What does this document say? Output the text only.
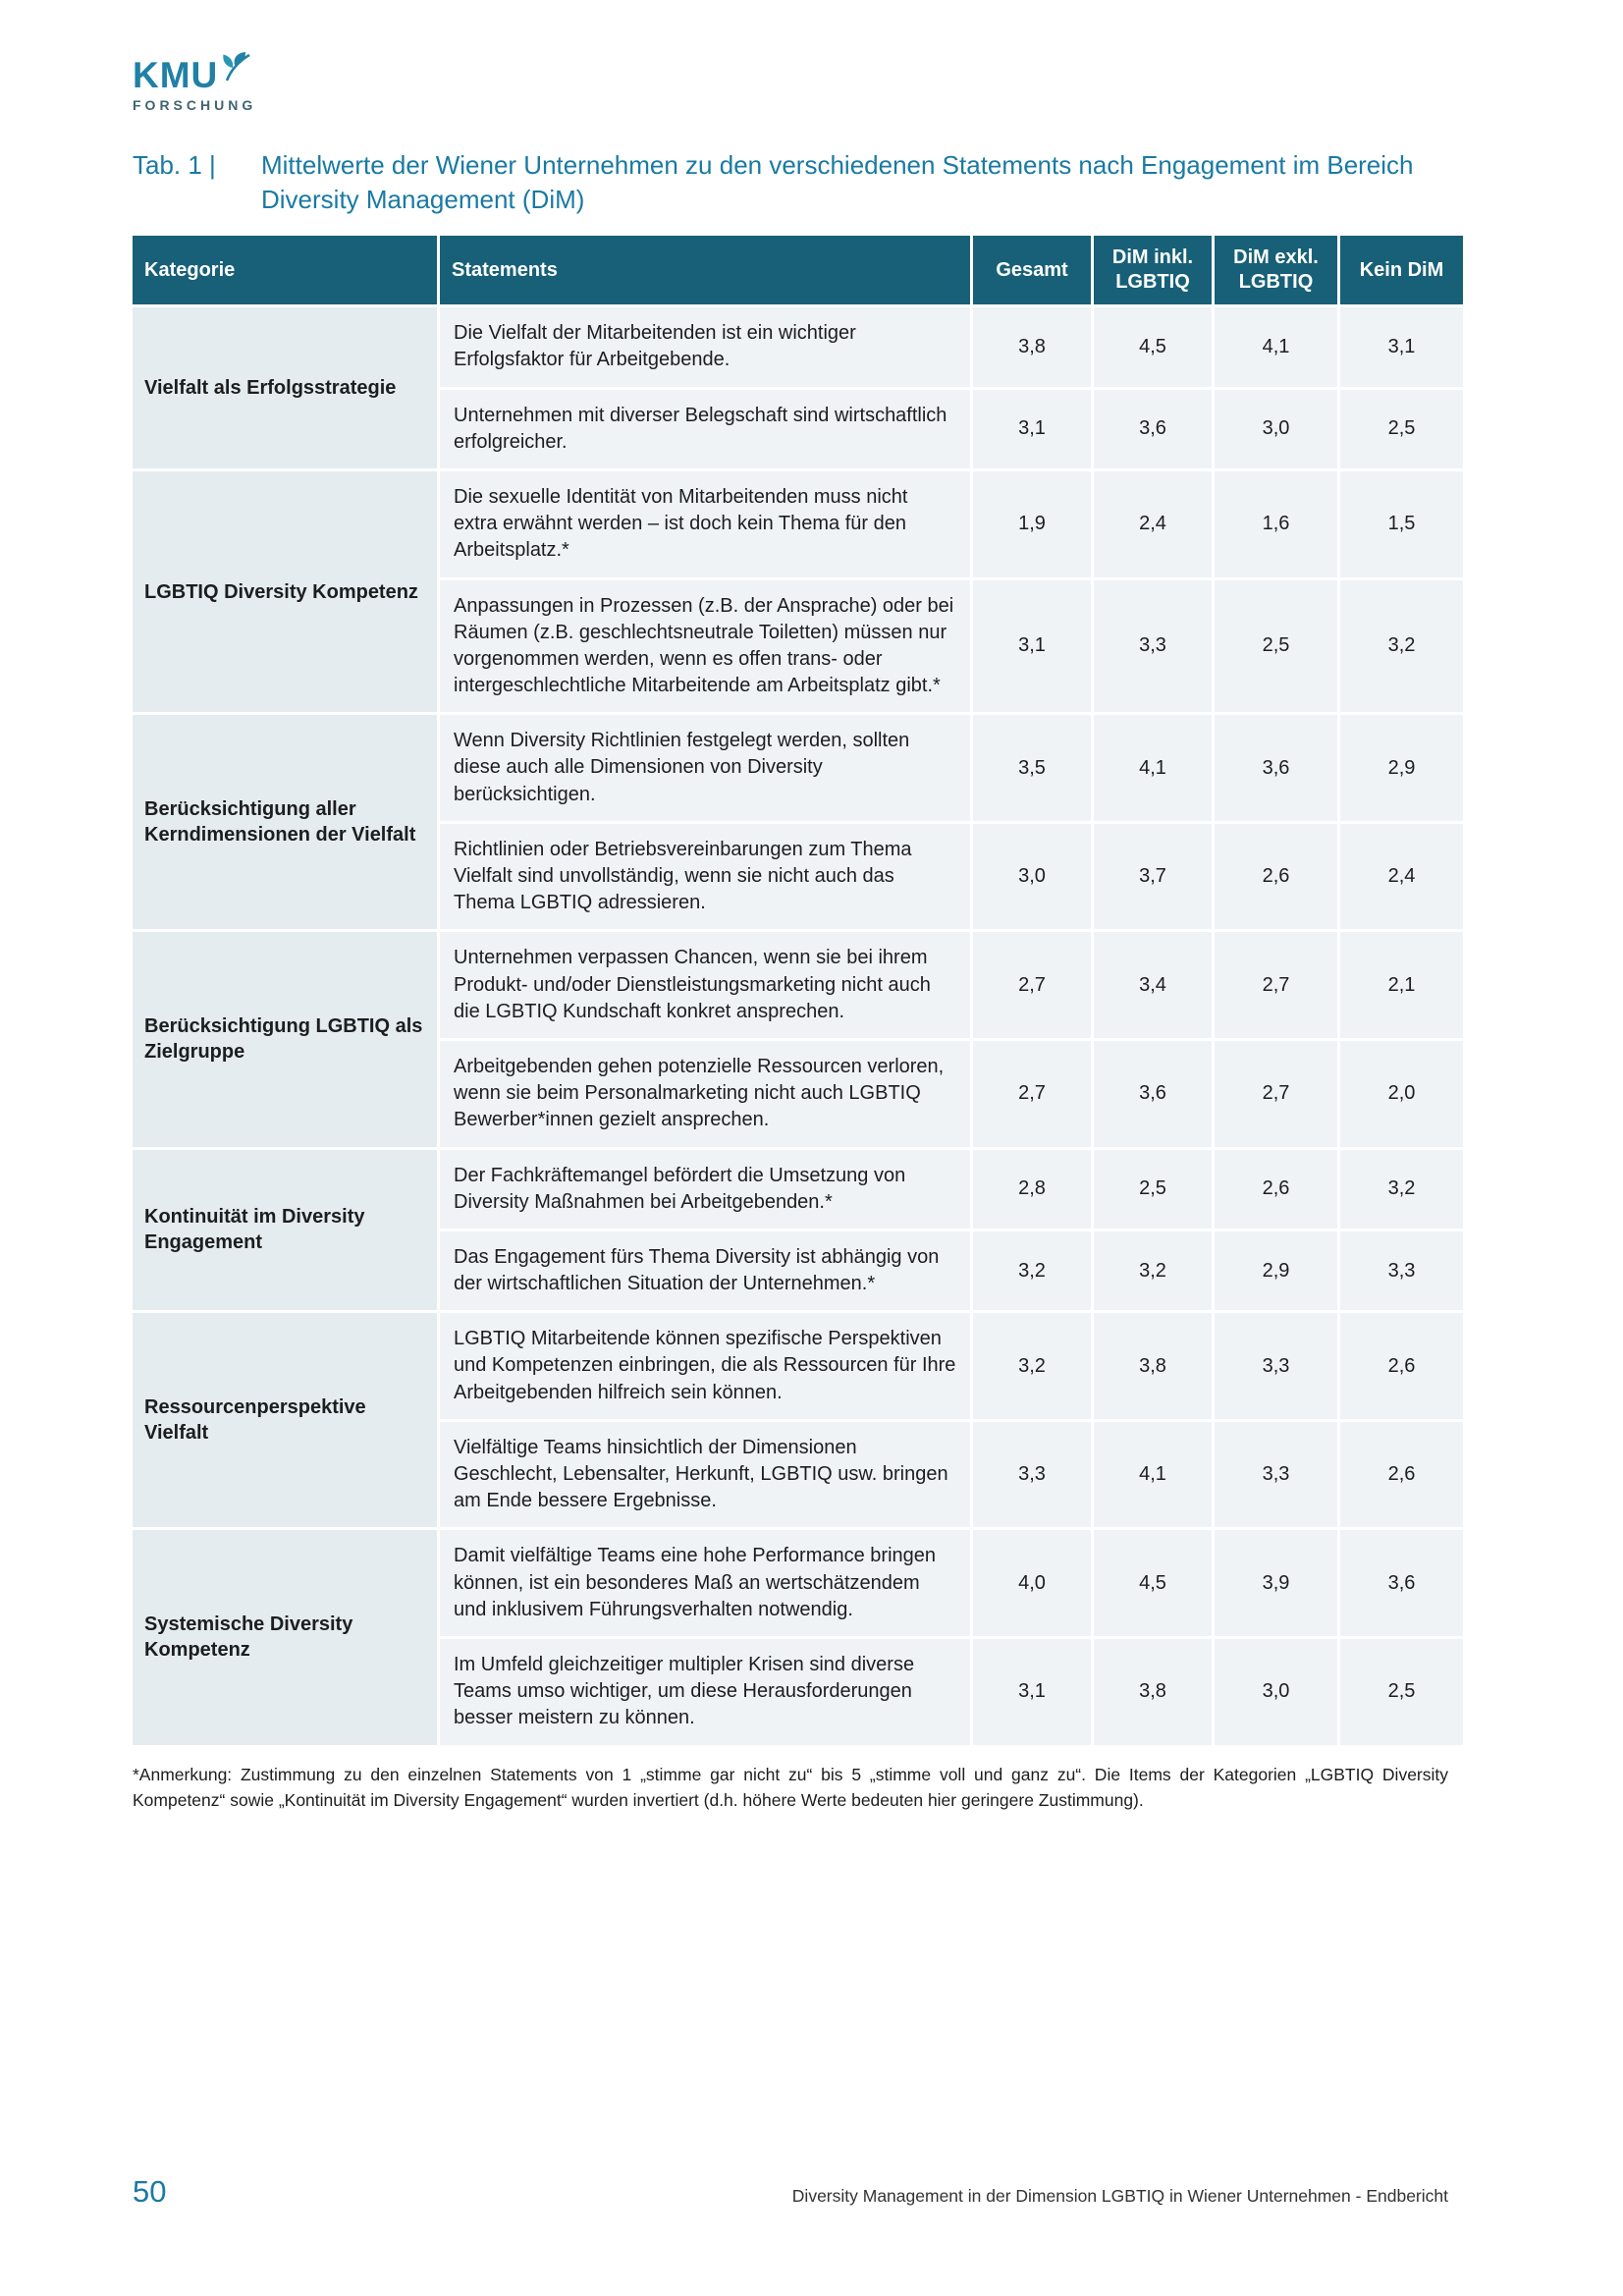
KMU
FORSCHUNG
Tab. 1 |	Mittelwerte der Wiener Unternehmen zu den verschiedenen Statements nach Engagement im Bereich Diversity Management (DiM)
Kategorie	Statements	Gesamt	DiM inkl. LGBTIQ	DiM exkl. LGBTIQ	Kein DiM
Vielfalt als Erfolgsstrategie	Die Vielfalt der Mitarbeitenden ist ein wichtiger Erfolgsfaktor für Arbeitgebende.	3,8	4,5	4,1	3,1
	Unternehmen mit diverser Belegschaft sind wirtschaftlich erfolgreicher.	3,1	3,6	3,0	2,5
LGBTIQ Diversity Kompetenz	Die sexuelle Identität von Mitarbeitenden muss nicht extra erwähnt werden – ist doch kein Thema für den Arbeitsplatz.*	1,9	2,4	1,6	1,5
	Anpassungen in Prozessen (z.B. der Ansprache) oder bei Räumen (z.B. geschlechtsneutrale Toiletten) müssen nur vorgenommen werden, wenn es offen trans- oder intergeschlechtliche Mitarbeitende am Arbeitsplatz gibt.*	3,1	3,3	2,5	3,2
Berücksichtigung aller Kerndimensionen der Vielfalt	Wenn Diversity Richtlinien festgelegt werden, sollten diese auch alle Dimensionen von Diversity berücksichtigen.	3,5	4,1	3,6	2,9
	Richtlinien oder Betriebsvereinbarungen zum Thema Vielfalt sind unvollständig, wenn sie nicht auch das Thema LGBTIQ adressieren.	3,0	3,7	2,6	2,4
Berücksichtigung LGBTIQ als Zielgruppe	Unternehmen verpassen Chancen, wenn sie bei ihrem Produkt- und/oder Dienstleistungsmarketing nicht auch die LGBTIQ Kundschaft konkret ansprechen.	2,7	3,4	2,7	2,1
	Arbeitgebenden gehen potenzielle Ressourcen verloren, wenn sie beim Personalmarketing nicht auch LGBTIQ Bewerber*innen gezielt ansprechen.	2,7	3,6	2,7	2,0
Kontinuität im Diversity Engagement	Der Fachkräftemangel befördert die Umsetzung von Diversity Maßnahmen bei Arbeitgebenden.*	2,8	2,5	2,6	3,2
	Das Engagement fürs Thema Diversity ist abhängig von der wirtschaftlichen Situation der Unternehmen.*	3,2	3,2	2,9	3,3
Ressourcenperspektive Vielfalt	LGBTIQ Mitarbeitende können spezifische Perspektiven und Kompetenzen einbringen, die als Ressourcen für Ihre Arbeitgebenden hilfreich sein können.	3,2	3,8	3,3	2,6
	Vielfältige Teams hinsichtlich der Dimensionen Geschlecht, Lebensalter, Herkunft, LGBTIQ usw. bringen am Ende bessere Ergebnisse.	3,3	4,1	3,3	2,6
Systemische Diversity Kompetenz	Damit vielfältige Teams eine hohe Performance bringen können, ist ein besonderes Maß an wertschätzendem und inklusivem Führungsverhalten notwendig.	4,0	4,5	3,9	3,6
	Im Umfeld gleichzeitiger multipler Krisen sind diverse Teams umso wichtiger, um diese Herausforderungen besser meistern zu können.	3,1	3,8	3,0	2,5

*Anmerkung: Zustimmung zu den einzelnen Statements von 1 „stimme gar nicht zu“ bis 5 „stimme voll und ganz zu“. Die Items der Kategorien „LGBTIQ Diversity Kompetenz“ sowie „Kontinuität im Diversity Engagement“ wurden invertiert (d.h. höhere Werte bedeuten hier geringere Zustimmung).

50	Diversity Management in der Dimension LGBTIQ in Wiener Unternehmen - Endbericht
